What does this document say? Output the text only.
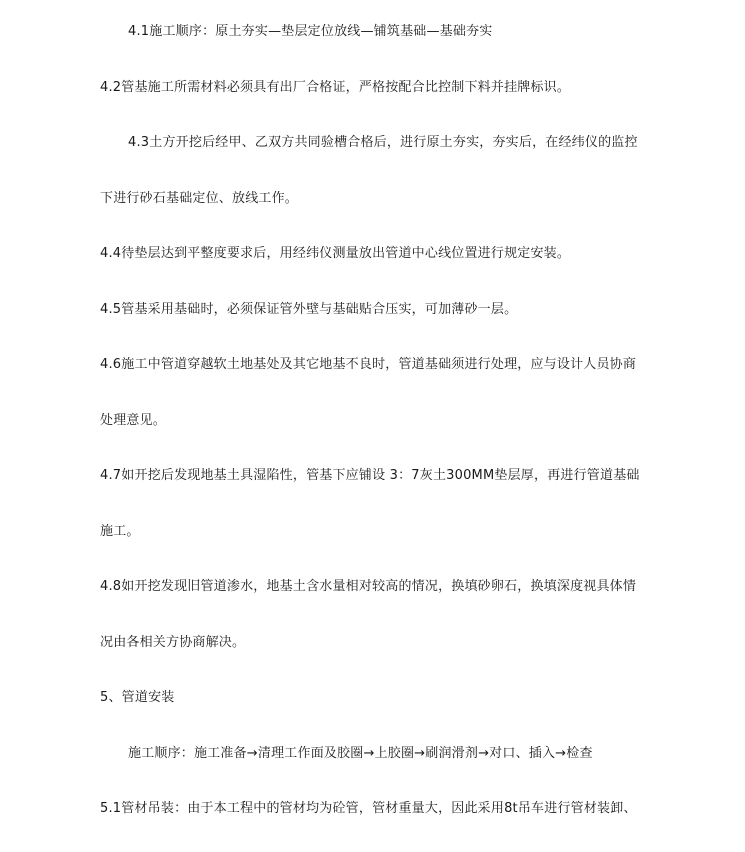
4.1施工顺序：原土夯实—垫层定位放线—铺筑基础—基础夯实
4.2管基施工所需材料必须具有出厂合格证，严格按配合比控制下料并挂牌标识。
4.3土方开挖后经甲、乙双方共同验槽合格后，进行原土夯实，夯实后，在经纬仪的监控
下进行砂石基础定位、放线工作。
4.4待垫层达到平整度要求后，用经纬仪测量放出管道中心线位置进行规定安装。
4.5管基采用基础时，必须保证管外壁与基础贴合压实，可加薄砂一层。
4.6施工中管道穿越软土地基处及其它地基不良时，管道基础须进行处理，应与设计人员协商
处理意见。
4.7如开挖后发现地基土具湿陷性，管基下应铺设 3：7灰土300MM垫层厚，再进行管道基础
施工。
4.8如开挖发现旧管道渗水，地基土含水量相对较高的情况，换填砂卵石，换填深度视具体情
况由各相关方协商解决。
5、管道安装
施工顺序：施工准备→清理工作面及胶圈→上胶圈→刷润滑剂→对口、插入→检查
5.1管材吊装：由于本工程中的管材均为砼管，管材重量大，因此采用8t吊车进行管材装卸、
